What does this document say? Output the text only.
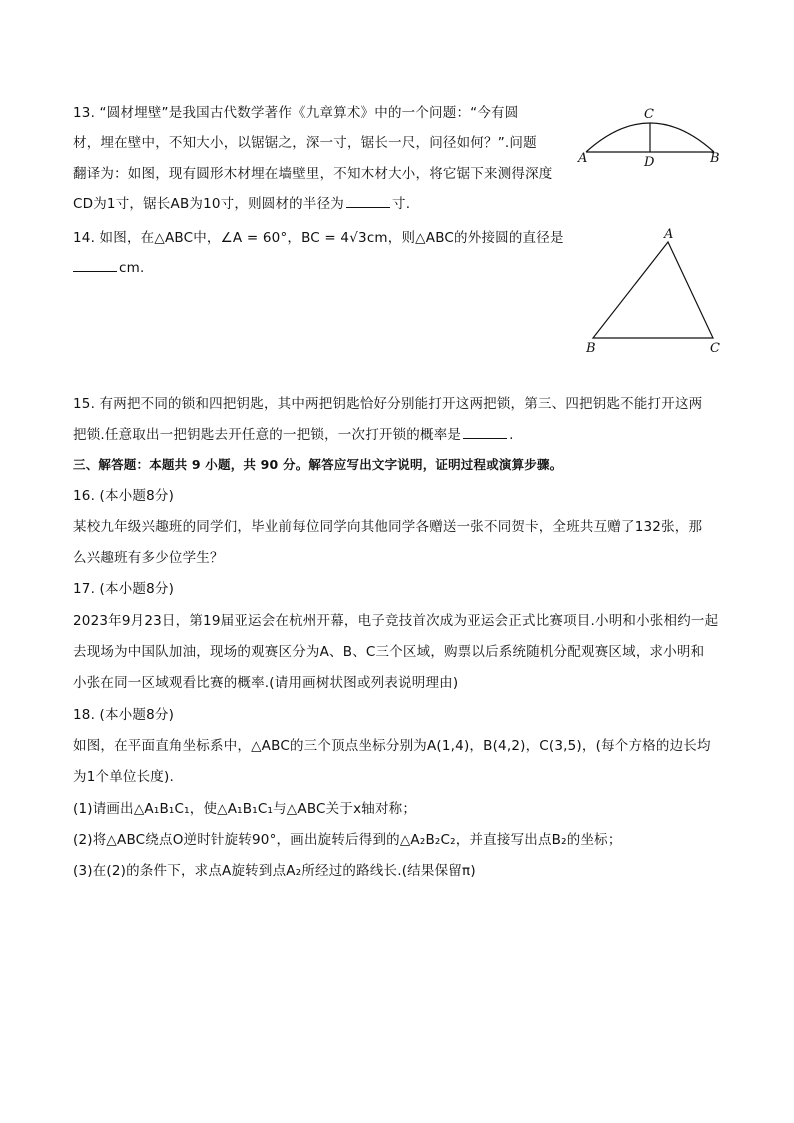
13. “圆材埋壁”是我国古代数学著作《九章算术》中的一个问题：“今有圆
材，埋在壁中，不知大小，以锯锯之，深一寸，锯长一尺，问径如何？”.问题
翻译为：如图，现有圆形木材埋在墙壁里，不知木材大小，将它锯下来测得深度
CD为1寸，锯长AB为10寸，则圆材的半径为	寸.
A	B
C
D
14. 如图，在△ABC中，∠A = 60°，BC = 4√3cm，则△ABC的外接圆的直径是
cm.
A
B	C
15. 有两把不同的锁和四把钥匙，其中两把钥匙恰好分别能打开这两把锁，第三、四把钥匙不能打开这两
把锁.任意取出一把钥匙去开任意的一把锁，一次打开锁的概率是	.
三、解答题：本题共 9 小题，共 90 分。解答应写出文字说明，证明过程或演算步骤。
16. (本小题8分)
某校九年级兴趣班的同学们，毕业前每位同学向其他同学各赠送一张不同贺卡，全班共互赠了132张，那
么兴趣班有多少位学生？
17. (本小题8分)
2023年9月23日，第19届亚运会在杭州开幕，电子竞技首次成为亚运会正式比赛项目.小明和小张相约一起
去现场为中国队加油，现场的观赛区分为A、B、C三个区域，购票以后系统随机分配观赛区域，求小明和
小张在同一区域观看比赛的概率.(请用画树状图或列表说明理由)
18. (本小题8分)
如图，在平面直角坐标系中，△ABC的三个顶点坐标分别为A(1,4)，B(4,2)，C(3,5)，(每个方格的边长均
为1个单位长度).
(1)请画出△A₁B₁C₁，使△A₁B₁C₁与△ABC关于x轴对称；
(2)将△ABC绕点O逆时针旋转90°，画出旋转后得到的△A₂B₂C₂，并直接写出点B₂的坐标；
(3)在(2)的条件下，求点A旋转到点A₂所经过的路线长.(结果保留π)
